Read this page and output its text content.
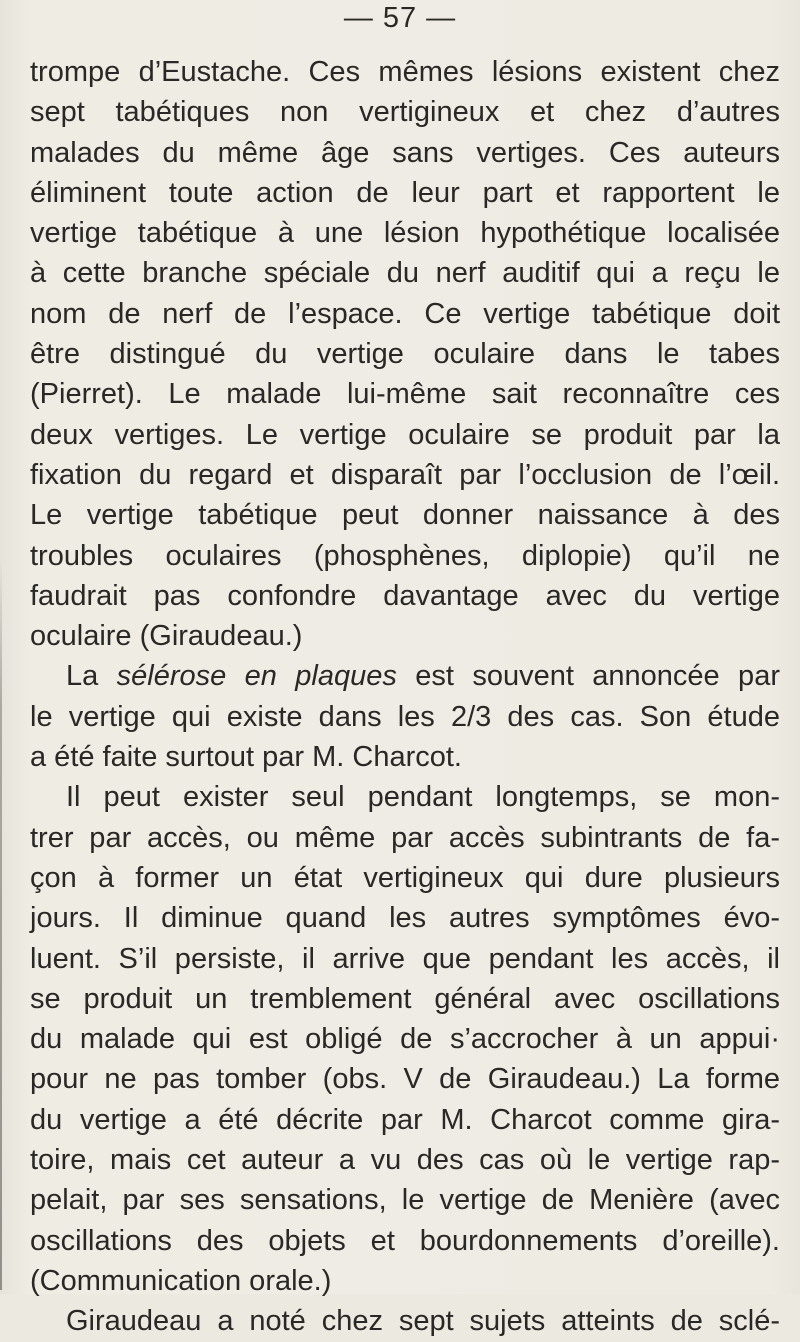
— 57 —
trompe d’Eustache. Ces mêmes lésions existent chez
sept tabétiques non vertigineux et chez d’autres
malades du même âge sans vertiges. Ces auteurs
éliminent toute action de leur part et rapportent le
vertige tabétique à une lésion hypothétique localisée
à cette branche spéciale du nerf auditif qui a reçu le
nom de nerf de l’espace. Ce vertige tabétique doit
être distingué du vertige oculaire dans le tabes
(Pierret). Le malade lui-même sait reconnaître ces
deux vertiges. Le vertige oculaire se produit par la
fixation du regard et disparaît par l’occlusion de l’œil.
Le vertige tabétique peut donner naissance à des
troubles oculaires (phosphènes, diplopie) qu’il ne
faudrait pas confondre davantage avec du vertige
oculaire (Giraudeau.)
La sélérose en plaques est souvent annoncée par
le vertige qui existe dans les 2/3 des cas. Son étude
a été faite surtout par M. Charcot.
Il peut exister seul pendant longtemps, se mon-
trer par accès, ou même par accès subintrants de fa-
çon à former un état vertigineux qui dure plusieurs
jours. Il diminue quand les autres symptômes évo-
luent. S’il persiste, il arrive que pendant les accès, il
se produit un tremblement général avec oscillations
du malade qui est obligé de s’accrocher à un appui·
pour ne pas tomber (obs. V de Giraudeau.) La forme
du vertige a été décrite par M. Charcot comme gira-
toire, mais cet auteur a vu des cas où le vertige rap-
pelait, par ses sensations, le vertige de Menière (avec
oscillations des objets et bourdonnements d’oreille).
(Communication orale.)
Giraudeau a noté chez sept sujets atteints de sclé-
